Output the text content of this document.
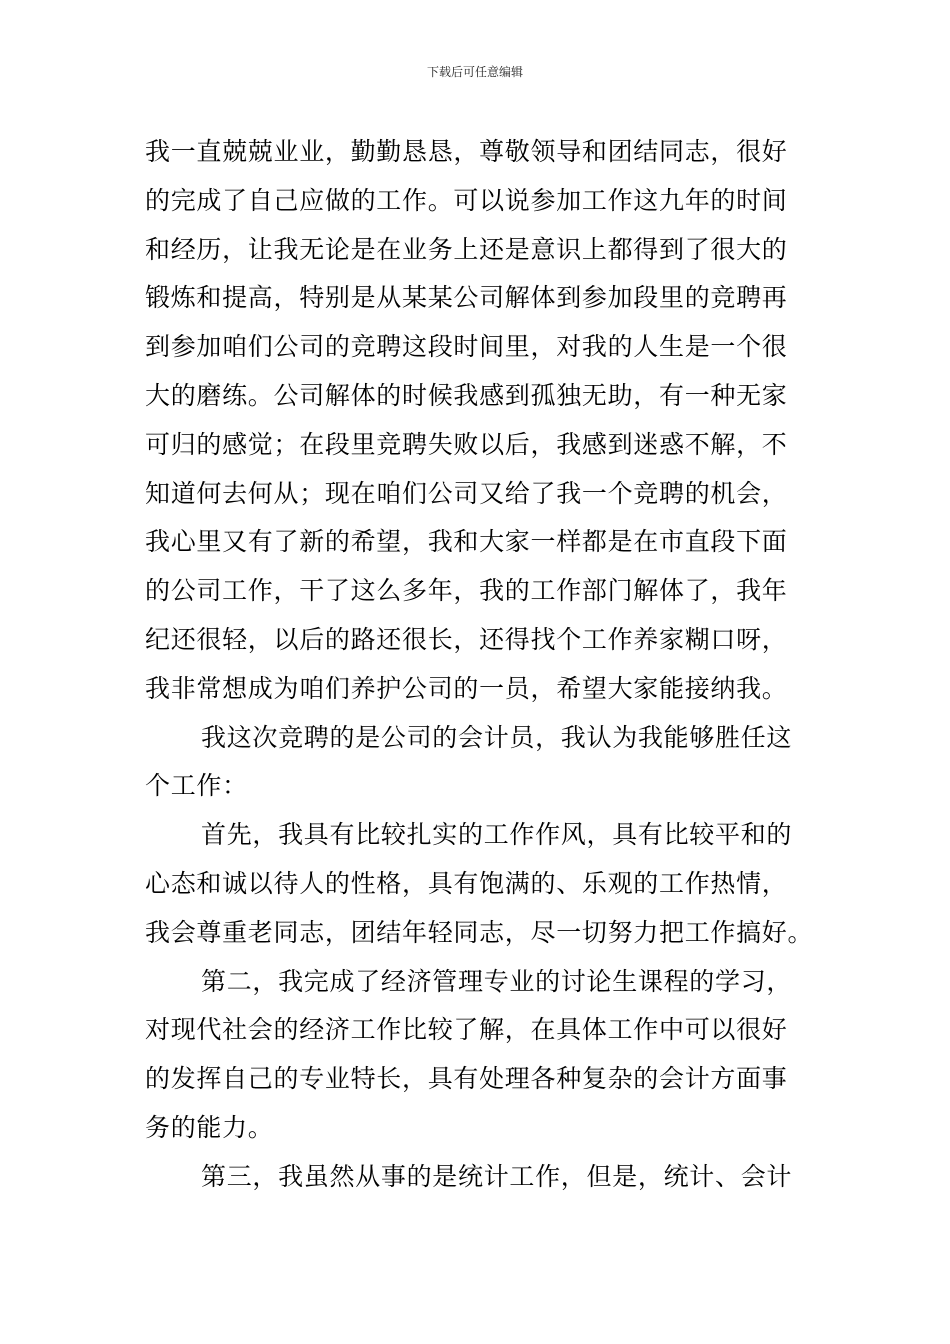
下载后可任意编辑
我一直兢兢业业，勤勤恳恳，尊敬领导和团结同志，很好
的完成了自己应做的工作。可以说参加工作这九年的时间
和经历，让我无论是在业务上还是意识上都得到了很大的
锻炼和提高，特别是从某某公司解体到参加段里的竞聘再
到参加咱们公司的竞聘这段时间里，对我的人生是一个很
大的磨练。公司解体的时候我感到孤独无助，有一种无家
可归的感觉；在段里竞聘失败以后，我感到迷惑不解，不
知道何去何从；现在咱们公司又给了我一个竞聘的机会，
我心里又有了新的希望，我和大家一样都是在市直段下面
的公司工作，干了这么多年，我的工作部门解体了，我年
纪还很轻，以后的路还很长，还得找个工作养家糊口呀，
我非常想成为咱们养护公司的一员，希望大家能接纳我。
我这次竞聘的是公司的会计员，我认为我能够胜任这
个工作：
首先，我具有比较扎实的工作作风，具有比较平和的
心态和诚以待人的性格，具有饱满的、乐观的工作热情，
我会尊重老同志，团结年轻同志，尽一切努力把工作搞好。
第二，我完成了经济管理专业的讨论生课程的学习，
对现代社会的经济工作比较了解，在具体工作中可以很好
的发挥自己的专业特长，具有处理各种复杂的会计方面事
务的能力。
第三，我虽然从事的是统计工作，但是，统计、会计
